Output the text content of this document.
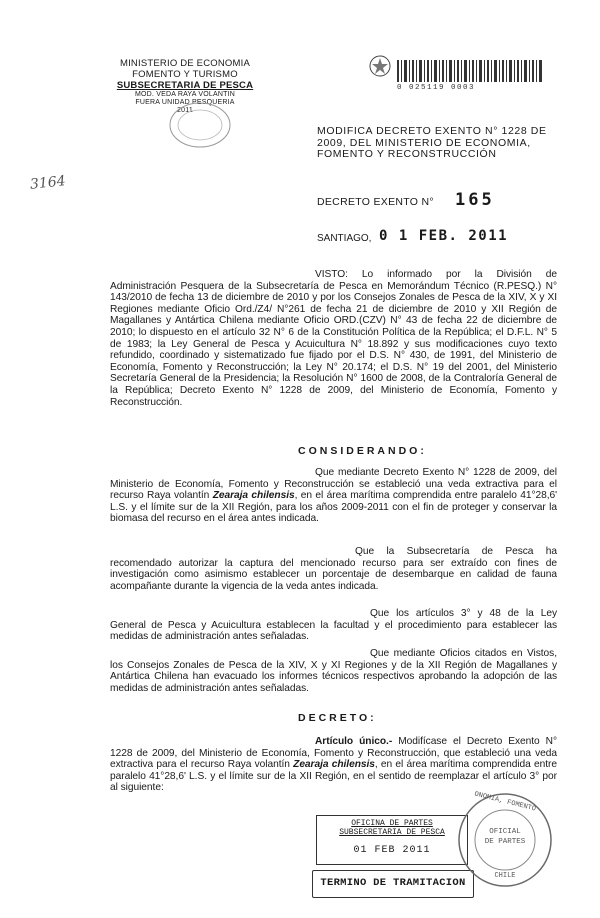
MINISTERIO DE ECONOMIA
FOMENTO Y TURISMO
SUBSECRETARIA DE PESCA
MOD. VEDA RAYA VOLANTIN
FUERA UNIDAD PESQUERIA
2011
3164
0 025119 0003
MODIFICA DECRETO EXENTO N° 1228 DE
2009, DEL MINISTERIO DE ECONOMIA,
FOMENTO Y RECONSTRUCCIÓN
DECRETO EXENTO N° 165
SANTIAGO, 0 1 FEB. 2011
VISTO: Lo informado por la División de Administración Pesquera de la Subsecretaría de Pesca en Memorándum Técnico (R.PESQ.) N° 143/2010 de fecha 13 de diciembre de 2010 y por los Consejos Zonales de Pesca de la XIV, X y XI Regiones mediante Oficio Ord./Z4/ N°261 de fecha 21 de diciembre de 2010 y XII Región de Magallanes y Antártica Chilena mediante Oficio ORD.(CZV) N° 43 de fecha 22 de diciembre de 2010; lo dispuesto en el artículo 32 N° 6 de la Constitución Política de la República; el D.F.L. N° 5 de 1983; la Ley General de Pesca y Acuicultura N° 18.892 y sus modificaciones cuyo texto refundido, coordinado y sistematizado fue fijado por el D.S. N° 430, de 1991, del Ministerio de Economía, Fomento y Reconstrucción; la Ley N° 20.174; el D.S. N° 19 del 2001, del Ministerio Secretaría General de la Presidencia; la Resolución N° 1600 de 2008, de la Contraloría General de la República; Decreto Exento N° 1228 de 2009, del Ministerio de Economía, Fomento y Reconstrucción.
CONSIDERANDO:
Que mediante Decreto Exento N° 1228 de 2009, del Ministerio de Economía, Fomento y Reconstrucción se estableció una veda extractiva para el recurso Raya volantín Zearaja chilensis, en el área marítima comprendida entre paralelo 41°28,6' L.S. y el límite sur de la XII Región, para los años 2009-2011 con el fin de proteger y conservar la biomasa del recurso en el área antes indicada.
Que la Subsecretaría de Pesca ha recomendado autorizar la captura del mencionado recurso para ser extraído con fines de investigación como asimismo establecer un porcentaje de desembarque en calidad de fauna acompañante durante la vigencia de la veda antes indicada.
Que los artículos 3° y 48 de la Ley General de Pesca y Acuicultura establecen la facultad y el procedimiento para establecer las medidas de administración antes señaladas.
Que mediante Oficios citados en Vistos, los Consejos Zonales de Pesca de la XIV, X y XI Regiones y de la XII Región de Magallanes y Antártica Chilena han evacuado los informes técnicos respectivos aprobando la adopción de las medidas de administración antes señaladas.
DECRETO:
Artículo único.- Modifícase el Decreto Exento N° 1228 de 2009, del Ministerio de Economía, Fomento y Reconstrucción, que estableció una veda extractiva para el recurso Raya volantín Zearaja chilensis, en el área marítima comprendida entre paralelo 41°28,6' L.S. y el límite sur de la XII Región, en el sentido de reemplazar el artículo 3° por al siguiente:
OFICINA DE PARTES
SUBSECRETARIA DE PESCA
01 FEB 2011
TERMINO DE TRAMITACION
ONOMIA, FOMENTO
OFICIAL
DE PARTES
CHILE
